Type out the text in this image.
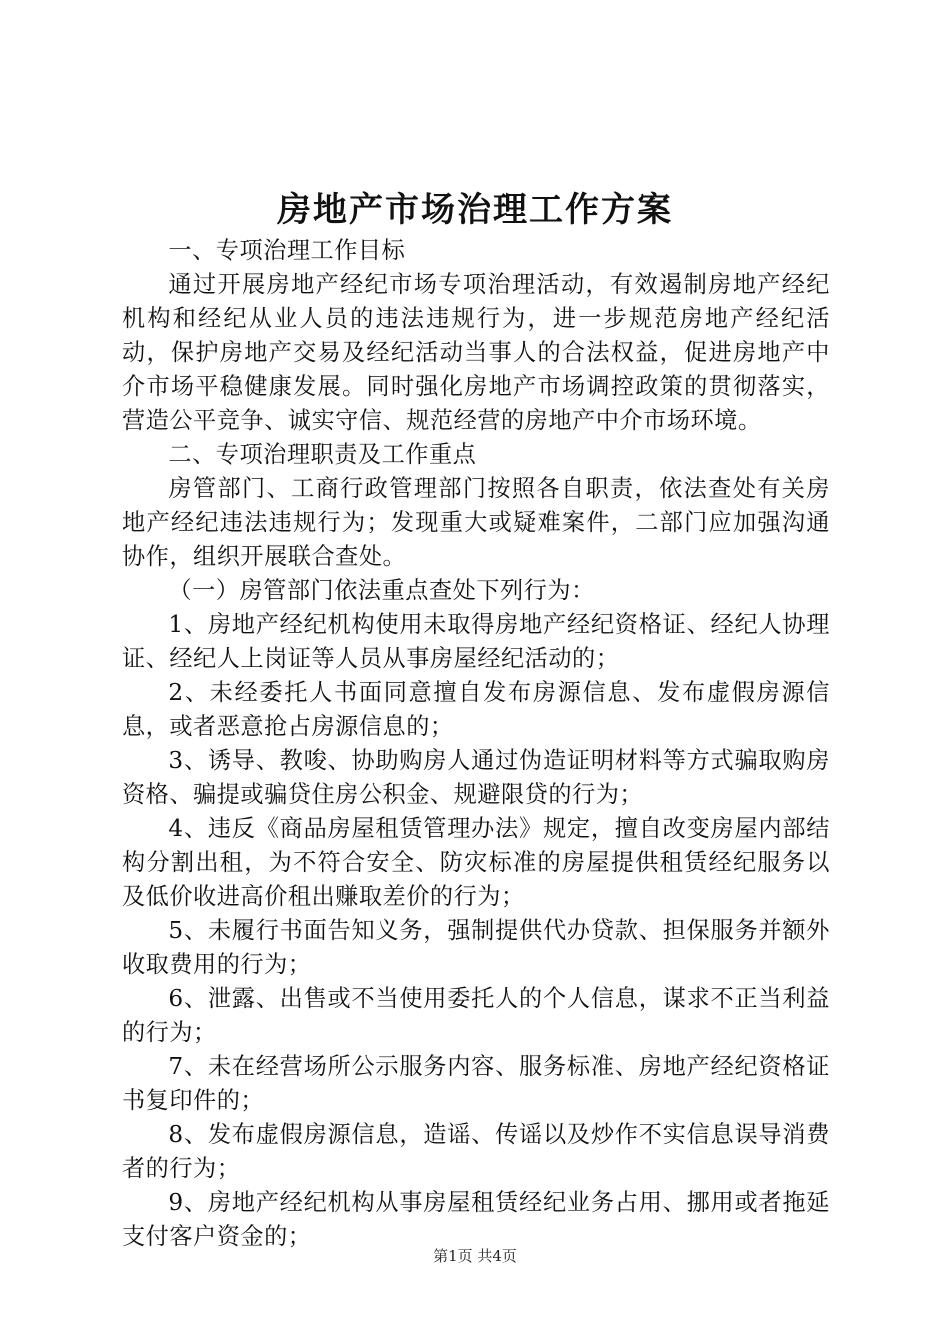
房地产市场治理工作方案

一、专项治理工作目标

通过开展房地产经纪市场专项治理活动，有效遏制房地产经纪机构和经纪从业人员的违法违规行为，进一步规范房地产经纪活动，保护房地产交易及经纪活动当事人的合法权益，促进房地产中介市场平稳健康发展。同时强化房地产市场调控政策的贯彻落实，营造公平竞争、诚实守信、规范经营的房地产中介市场环境。

二、专项治理职责及工作重点

房管部门、工商行政管理部门按照各自职责，依法查处有关房地产经纪违法违规行为；发现重大或疑难案件，二部门应加强沟通协作，组织开展联合查处。

（一）房管部门依法重点查处下列行为：

1、房地产经纪机构使用未取得房地产经纪资格证、经纪人协理证、经纪人上岗证等人员从事房屋经纪活动的；

2、未经委托人书面同意擅自发布房源信息、发布虚假房源信息，或者恶意抢占房源信息的；

3、诱导、教唆、协助购房人通过伪造证明材料等方式骗取购房资格、骗提或骗贷住房公积金、规避限贷的行为；

4、违反《商品房屋租赁管理办法》规定，擅自改变房屋内部结构分割出租，为不符合安全、防灾标准的房屋提供租赁经纪服务以及低价收进高价租出赚取差价的行为；

5、未履行书面告知义务，强制提供代办贷款、担保服务并额外收取费用的行为；

6、泄露、出售或不当使用委托人的个人信息，谋求不正当利益的行为；

7、未在经营场所公示服务内容、服务标准、房地产经纪资格证书复印件的；

8、发布虚假房源信息，造谣、传谣以及炒作不实信息误导消费者的行为；

9、房地产经纪机构从事房屋租赁经纪业务占用、挪用或者拖延支付客户资金的；

第1页 共4页
